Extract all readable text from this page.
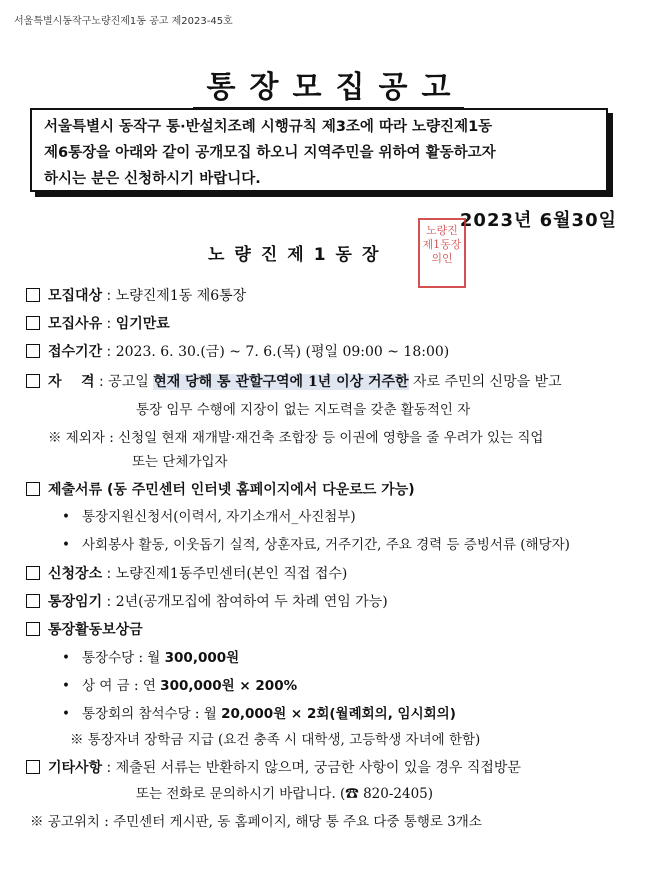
서울특별시동작구노량진제1동 공고 제2023-45호
통장모집공고
서울특별시 동작구 통·반설치조례 시행규칙 제3조에 따라 노량진제1동
제6통장을 아래와 같이 공개모집 하오니 지역주민을 위하여 활동하고자
하시는 분은 신청하시기 바랍니다.
2023년 6월30일
노량진제1동장
노량진
제1동장
의인
모집대상 : 노량진제1동 제6통장
모집사유 : 임기만료
접수기간 : 2023. 6. 30.(금) ~ 7. 6.(목) (평일 09:00 ~ 18:00)
자    격 : 공고일 현재 당해 통 관할구역에 1년 이상 거주한 자로 주민의 신망을 받고
통장 임무 수행에 지장이 없는 지도력을 갖춘 활동적인 자
※ 제외자 : 신청일 현재 재개발·재건축 조합장 등 이권에 영향을 줄 우려가 있는 직업
또는 단체가입자
제출서류 (동 주민센터 인터넷 홈페이지에서 다운로드 가능)
• 통장지원신청서(이력서, 자기소개서_사진첨부)
• 사회봉사 활동, 이웃돕기 실적, 상훈자료, 거주기간, 주요 경력 등 증빙서류 (해당자)
신청장소 : 노량진제1동주민센터(본인 직접 접수)
통장임기 : 2년(공개모집에 참여하여 두 차례 연임 가능)
통장활동보상금
• 통장수당 : 월 300,000원
• 상 여 금 : 연 300,000원 × 200%
• 통장회의 참석수당 : 월 20,000원 × 2회(월례회의, 임시회의)
※ 통장자녀 장학금 지급 (요건 충족 시 대학생, 고등학생 자녀에 한함)
기타사항 : 제출된 서류는 반환하지 않으며, 궁금한 사항이 있을 경우 직접방문
또는 전화로 문의하시기 바랍니다. (☎ 820-2405)
※ 공고위치 : 주민센터 게시판, 동 홈페이지, 해당 통 주요 다중 통행로 3개소
